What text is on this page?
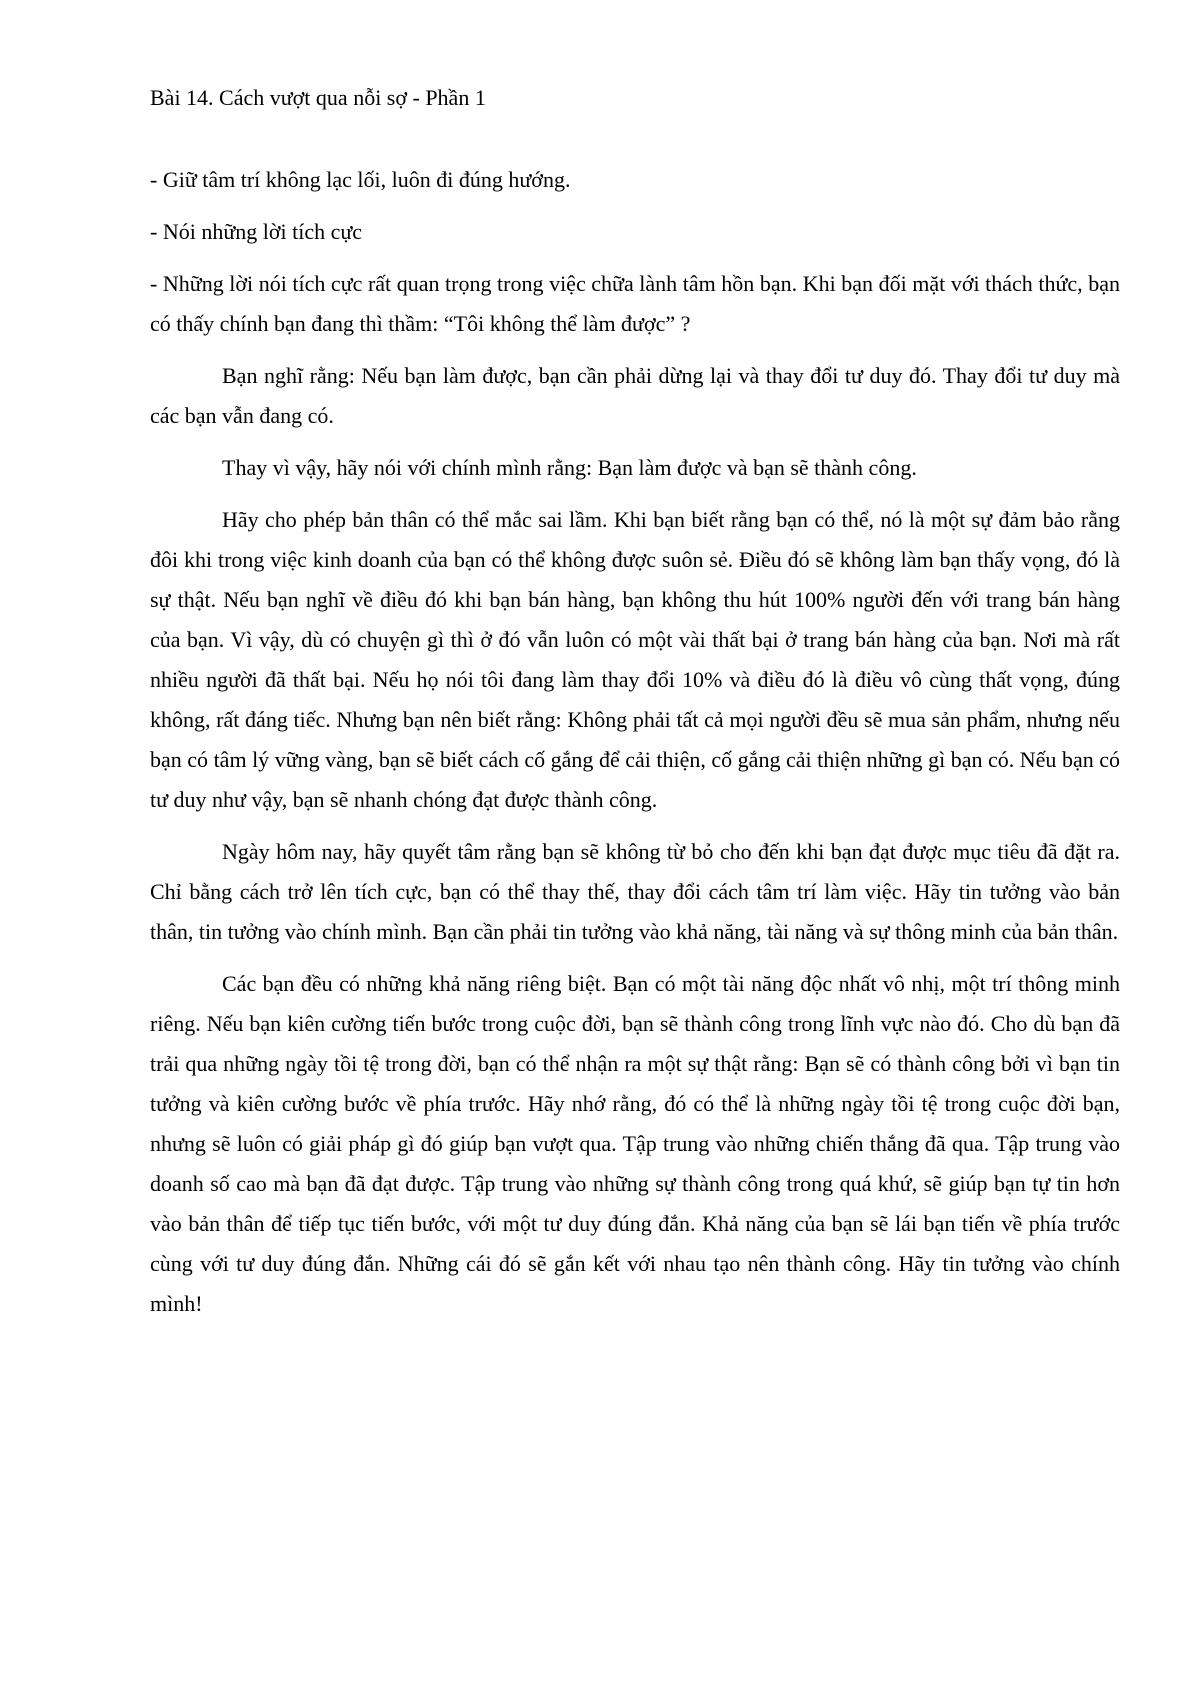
Bài 14. Cách vượt qua nỗi sợ - Phần 1

- Giữ tâm trí không lạc lối, luôn đi đúng hướng.

- Nói những lời tích cực

- Những lời nói tích cực rất quan trọng trong việc chữa lành tâm hồn bạn. Khi bạn đối mặt với thách thức, bạn có thấy chính bạn đang thì thầm: “Tôi không thể làm được” ?

Bạn nghĩ rằng: Nếu bạn làm được, bạn cần phải dừng lại và thay đổi tư duy đó. Thay đổi tư duy mà các bạn vẫn đang có.

Thay vì vậy, hãy nói với chính mình rằng: Bạn làm được và bạn sẽ thành công.

Hãy cho phép bản thân có thể mắc sai lầm. Khi bạn biết rằng bạn có thể, nó là một sự đảm bảo rằng đôi khi trong việc kinh doanh của bạn có thể không được suôn sẻ. Điều đó sẽ không làm bạn thấy vọng, đó là sự thật. Nếu bạn nghĩ về điều đó khi bạn bán hàng, bạn không thu hút 100% người đến với trang bán hàng của bạn. Vì vậy, dù có chuyện gì thì ở đó vẫn luôn có một vài thất bại ở trang bán hàng của bạn. Nơi mà rất nhiều người đã thất bại. Nếu họ nói tôi đang làm thay đổi 10% và điều đó là điều vô cùng thất vọng, đúng không, rất đáng tiếc. Nhưng bạn nên biết rằng: Không phải tất cả mọi người đều sẽ mua sản phẩm, nhưng nếu bạn có tâm lý vững vàng, bạn sẽ biết cách cố gắng để cải thiện, cố gắng cải thiện những gì bạn có. Nếu bạn có tư duy như vậy, bạn sẽ nhanh chóng đạt được thành công.

Ngày hôm nay, hãy quyết tâm rằng bạn sẽ không từ bỏ cho đến khi bạn đạt được mục tiêu đã đặt ra. Chỉ bằng cách trở lên tích cực, bạn có thể thay thế, thay đổi cách tâm trí làm việc. Hãy tin tưởng vào bản thân, tin tưởng vào chính mình. Bạn cần phải tin tưởng vào khả năng, tài năng và sự thông minh của bản thân.

Các bạn đều có những khả năng riêng biệt. Bạn có một tài năng độc nhất vô nhị, một trí thông minh riêng. Nếu bạn kiên cường tiến bước trong cuộc đời, bạn sẽ thành công trong lĩnh vực nào đó. Cho dù bạn đã trải qua những ngày tồi tệ trong đời, bạn có thể nhận ra một sự thật rằng: Bạn sẽ có thành công bởi vì bạn tin tưởng và kiên cường bước về phía trước. Hãy nhớ rằng, đó có thể là những ngày tồi tệ trong cuộc đời bạn, nhưng sẽ luôn có giải pháp gì đó giúp bạn vượt qua. Tập trung vào những chiến thắng đã qua. Tập trung vào doanh số cao mà bạn đã đạt được. Tập trung vào những sự thành công trong quá khứ, sẽ giúp bạn tự tin hơn vào bản thân để tiếp tục tiến bước, với một tư duy đúng đắn. Khả năng của bạn sẽ lái bạn tiến về phía trước cùng với tư duy đúng đắn. Những cái đó sẽ gắn kết với nhau tạo nên thành công. Hãy tin tưởng vào chính mình!
